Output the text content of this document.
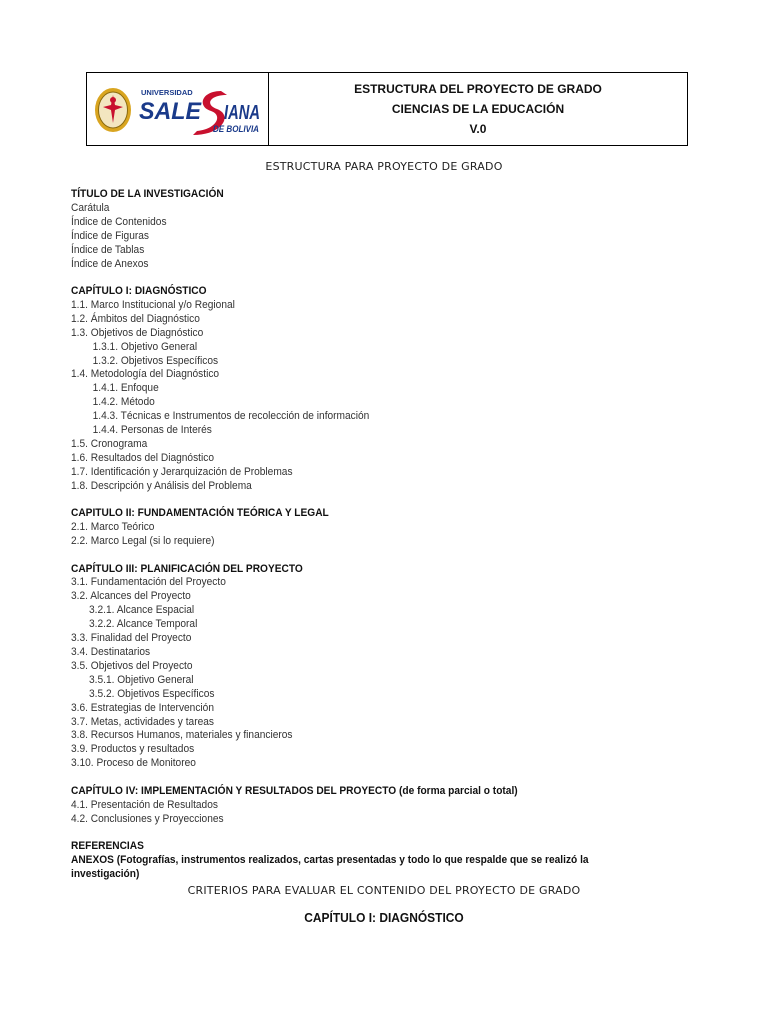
UNIVERSIDAD
SALE IANA
DE BOLIVIA
ESTRUCTURA DEL PROYECTO DE GRADO
CIENCIAS DE LA EDUCACIÓN
V.0
ESTRUCTURA PARA PROYECTO DE GRADO
TÍTULO DE LA INVESTIGACIÓN
Carátula
Índice de Contenidos
Índice de Figuras
Índice de Tablas
Índice de Anexos
CAPÍTULO I: DIAGNÓSTICO
1.1. Marco Institucional y/o Regional
1.2. Ámbitos del Diagnóstico
1.3. Objetivos de Diagnóstico
1.3.1. Objetivo General
1.3.2. Objetivos Específicos
1.4. Metodología del Diagnóstico
1.4.1. Enfoque
1.4.2. Método
1.4.3. Técnicas e Instrumentos de recolección de información
1.4.4. Personas de Interés
1.5. Cronograma
1.6. Resultados del Diagnóstico
1.7. Identificación y Jerarquización de Problemas
1.8. Descripción y Análisis del Problema
CAPITULO II: FUNDAMENTACIÓN TEÓRICA Y LEGAL
2.1. Marco Teórico
2.2. Marco Legal (si lo requiere)
CAPÍTULO III: PLANIFICACIÓN DEL PROYECTO
3.1. Fundamentación del Proyecto
3.2. Alcances del Proyecto
3.2.1. Alcance Espacial
3.2.2. Alcance Temporal
3.3. Finalidad del Proyecto
3.4. Destinatarios
3.5. Objetivos del Proyecto
3.5.1. Objetivo General
3.5.2. Objetivos Específicos
3.6. Estrategias de Intervención
3.7. Metas, actividades y tareas
3.8. Recursos Humanos, materiales y financieros
3.9. Productos y resultados
3.10. Proceso de Monitoreo
CAPÍTULO IV: IMPLEMENTACIÓN Y RESULTADOS DEL PROYECTO (de forma parcial o total)
4.1. Presentación de Resultados
4.2. Conclusiones y Proyecciones
REFERENCIAS
ANEXOS (Fotografías, instrumentos realizados, cartas presentadas y todo lo que respalde que se realizó la investigación)
CRITERIOS PARA EVALUAR EL CONTENIDO DEL PROYECTO DE GRADO
CAPÍTULO I: DIAGNÓSTICO
